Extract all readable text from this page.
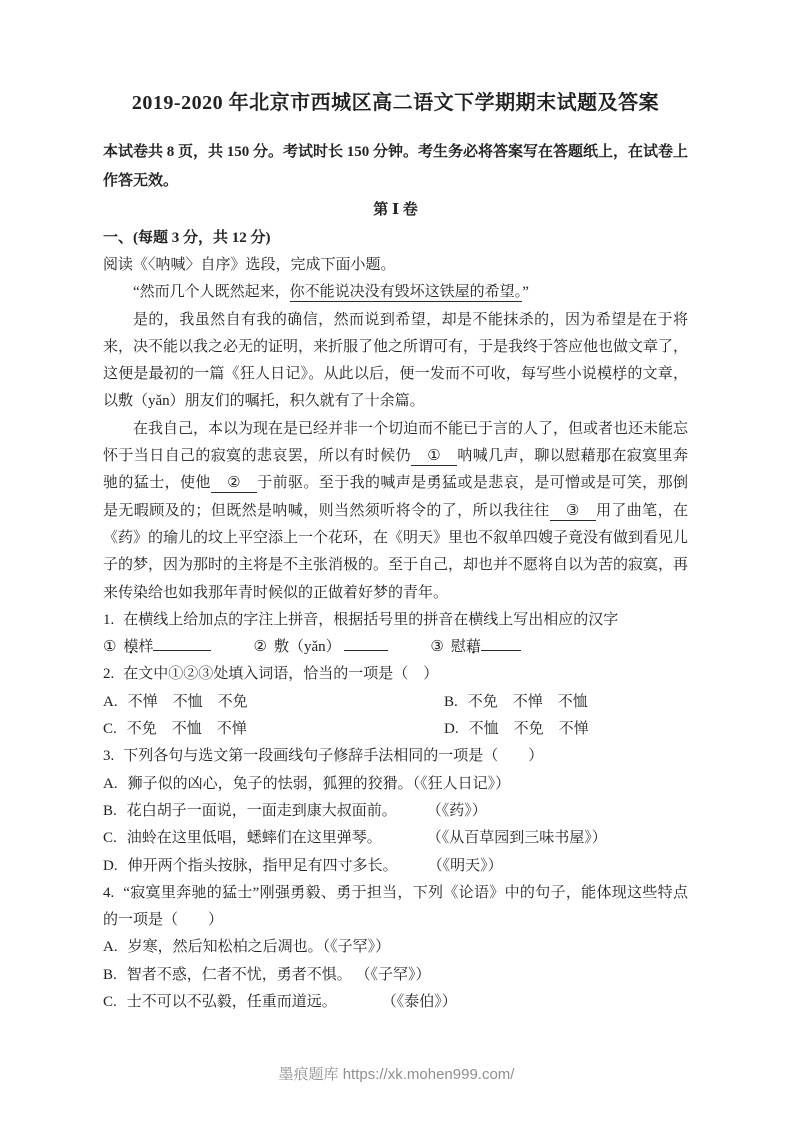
2019-2020 年北京市西城区高二语文下学期期末试题及答案

本试卷共 8 页，共 150 分。考试时长 150 分钟。考生务必将答案写在答题纸上，在试卷上作答无效。

第 Ⅰ 卷

一、(每题 3 分，共 12 分)

阅读《〈呐喊〉自序》选段，完成下面小题。

“然而几个人既然起来，你不能说决没有毁坏这铁屋的希望。”

是的，我虽然自有我的确信，然而说到希望，却是不能抹杀的，因为希望是在于将来，决不能以我之必无的证明，来折服了他之所谓可有，于是我终于答应他也做文章了，这便是最初的一篇《狂人日记》。从此以后，便一发而不可收，每写些小说模样的文章，以敷（yǎn）朋友们的嘱托，积久就有了十余篇。

在我自己，本以为现在是已经并非一个切迫而不能已于言的人了，但或者也还未能忘怀于当日自己的寂寞的悲哀罢，所以有时候仍 ① 呐喊几声，聊以慰藉那在寂寞里奔驰的猛士，使他 ② 于前驱。至于我的喊声是勇猛或是悲哀，是可憎或是可笑，那倒是无暇顾及的；但既然是呐喊，则当然须听将令的了，所以我往往 ③ 用了曲笔，在《药》的瑜儿的坟上平空添上一个花环，在《明天》里也不叙单四嫂子竟没有做到看见儿子的梦，因为那时的主将是不主张消极的。至于自己，却也并不愿将自以为苦的寂寞，再来传染给也如我那年青时候似的正做着好梦的青年。

1. 在横线上给加点的字注上拼音，根据括号里的拼音在横线上写出相应的汉字

① 模样	② 敷（yǎn）	③ 慰藉

2. 在文中①②③处填入词语，恰当的一项是（　）

A. 不惮　不恤　不免	B. 不免　不惮　不恤
C. 不免　不恤　不惮	D. 不恤　不免　不惮

3. 下列各句与选文第一段画线句子修辞手法相同的一项是（　　）

A. 狮子似的凶心，兔子的怯弱，狐狸的狡猾。（《狂人日记》）

B. 花白胡子一面说，一面走到康大叔面前。　　　（《药》）

C. 油蛉在这里低唱，蟋蟀们在这里弹琴。　　　　（《从百草园到三味书屋》）

D. 伸开两个指头按脉，指甲足有四寸多长。　　　（《明天》）

4. “寂寞里奔驰的猛士”刚强勇毅、勇于担当，下列《论语》中的句子，能体现这些特点的一项是（　　）

A. 岁寒，然后知松柏之后凋也。（《子罕》）

B. 智者不惑，仁者不忧，勇者不惧。 （《子罕》）

C. 士不可以不弘毅，任重而道远。　　　　（《泰伯》）

墨痕题库 https://xk.mohen999.com/
